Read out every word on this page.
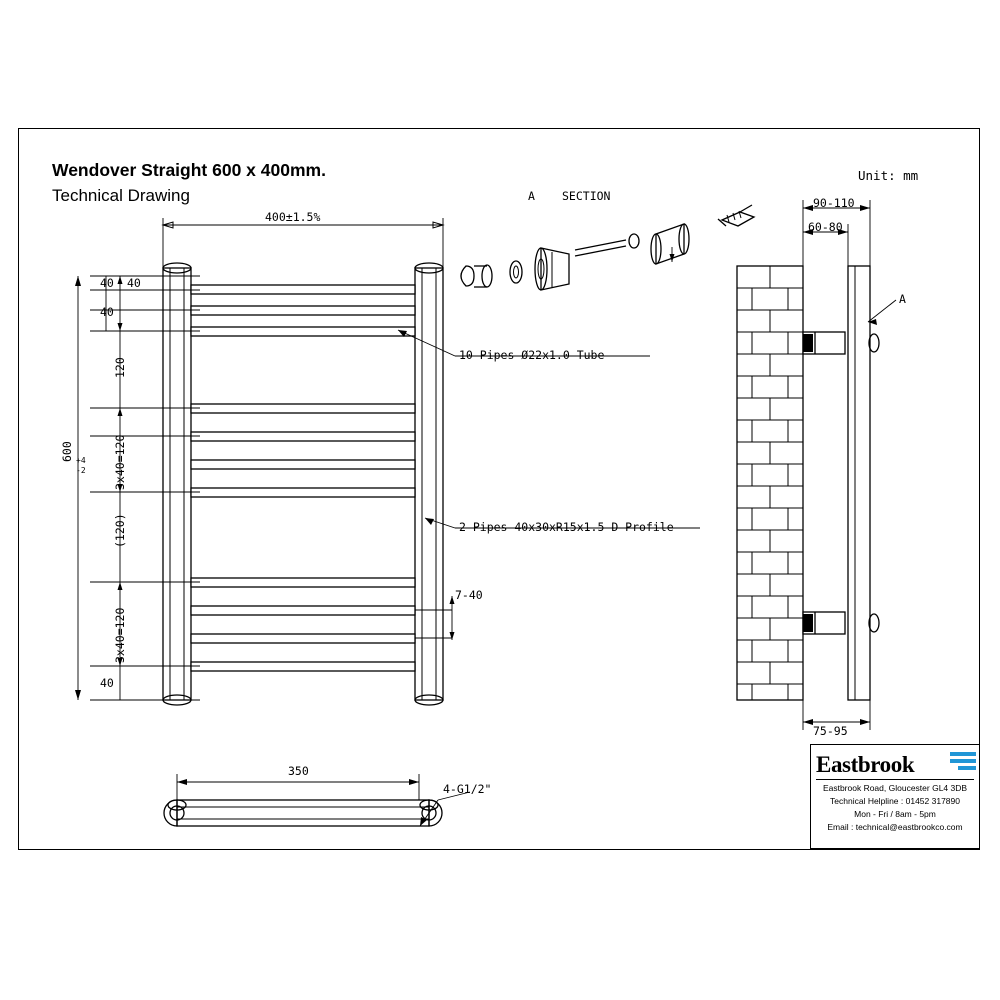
Wendover Straight 600 x 400mm.
Technical Drawing
Unit: mm
400±1.5%
600 +4
-2
40 40
40
120
3x40=120
(120)
3x40=120
40
10 Pipes Ø22x1.0 Tube
2 Pipes 40x30xR15x1.5 D Profile
7-40
A SECTION	90-110
60-80
75-95
A
350
4-G1/2"
Eastbrook
Eastbrook Road, Gloucester GL4 3DB
Technical Helpline : 01452 317890
Mon - Fri / 8am - 5pm
Email : technical@eastbrookco.com
